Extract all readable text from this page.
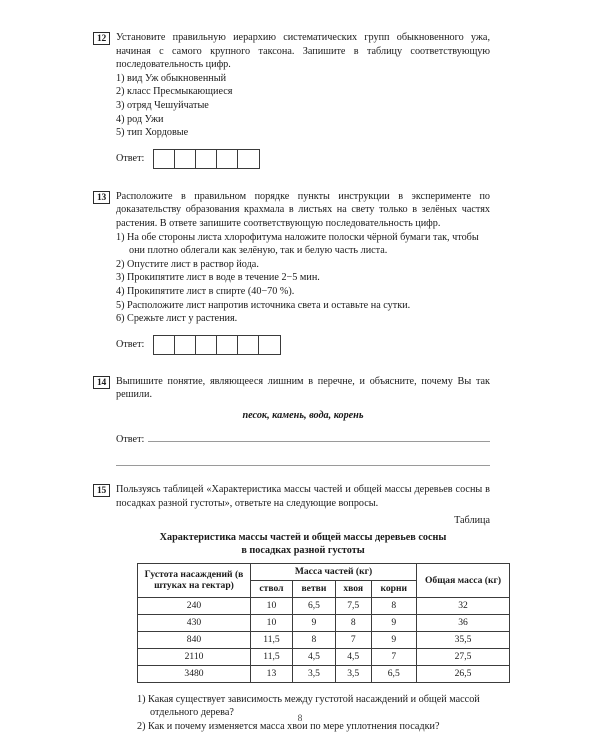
12 Установите правильную иерархию систематических групп обыкновенного ужа, начиная с самого крупного таксона. Запишите в таблицу соответствующую последовательность цифр.

1) вид Уж обыкновенный
2) класс Пресмыкающиеся
3) отряд Чешуйчатые
4) род Ужи
5) тип Хордовые
Ответ:
13 Расположите в правильном порядке пункты инструкции в эксперименте по доказательству образования крахмала в листьях на свету только в зелёных частях растения. В ответе запишите соответствующую последовательность цифр.

1) На обе стороны листа хлорофитума наложите полоски чёрной бумаги так, чтобы они плотно облегали как зелёную, так и белую часть листа.
2) Опустите лист в раствор йода.
3) Прокипятите лист в воде в течение 2−5 мин.
4) Прокипятите лист в спирте (40−70 %).
5) Расположите лист напротив источника света и оставьте на сутки.
6) Срежьте лист у растения.
Ответ:
14 Выпишите понятие, являющееся лишним в перечне, и объясните, почему Вы так решили.

песок, камень, вода, корень
Ответ:
15 Пользуясь таблицей «Характеристика массы частей и общей массы деревьев сосны в посадках разной густоты», ответьте на следующие вопросы.

Таблица
Характеристика массы частей и общей массы деревьев сосны
в посадках разной густоты
Густота насаждений (в штуках на гектар)	Масса частей (кг)				Общая масса (кг)
	ствол	ветви	хвоя	корни	
240	10	6,5	7,5	8	32
430	10	9	8	9	36
840	11,5	8	7	9	35,5
2110	11,5	4,5	4,5	7	27,5
3480	13	3,5	3,5	6,5	26,5
1) Какая существует зависимость между густотой насаждений и общей массой отдельного дерева?
2) Как и почему изменяется масса хвои по мере уплотнения посадки?
8
